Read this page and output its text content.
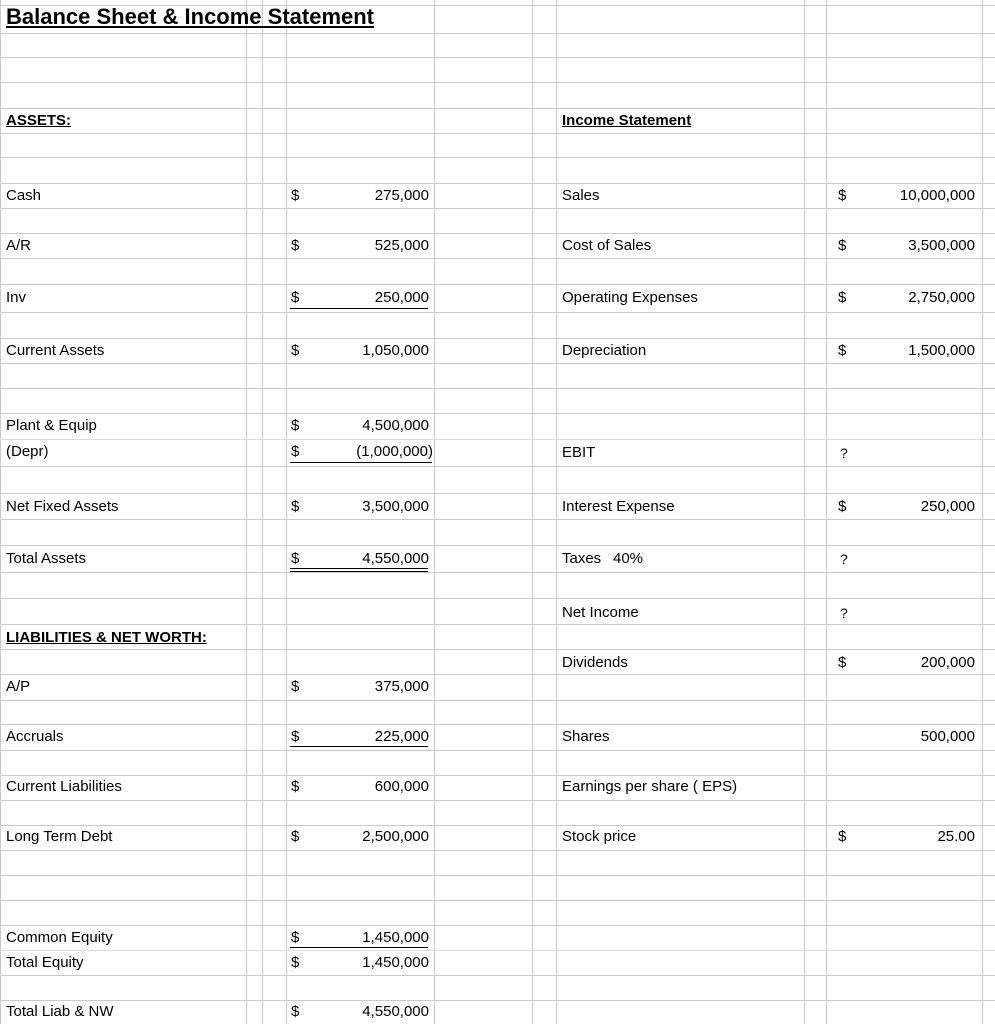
Balance Sheet & Income Statement
ASSETS:
Cash	$	275,000
A/R	$	525,000
Inv	$	250,000
Current Assets	$	1,050,000
Plant & Equip	$	4,500,000
(Depr)	$	(1,000,000)
Net Fixed Assets	$	3,500,000
Total Assets	$	4,550,000
LIABILITIES & NET WORTH:
A/P	$	375,000
Accruals	$	225,000
Current Liabilities	$	600,000
Long Term Debt	$	2,500,000
Common Equity	$	1,450,000
Total Equity	$	1,450,000
Total Liab & NW	$	4,550,000
Income Statement
Sales	$	10,000,000
Cost of Sales	$	3,500,000
Operating Expenses	$	2,750,000
Depreciation	$	1,500,000
EBIT	?
Interest Expense	$	250,000
Taxes 40%	?
Net Income	?
Dividends	$	200,000
Shares	500,000
Earnings per share ( EPS)
Stock price	$	25.00
